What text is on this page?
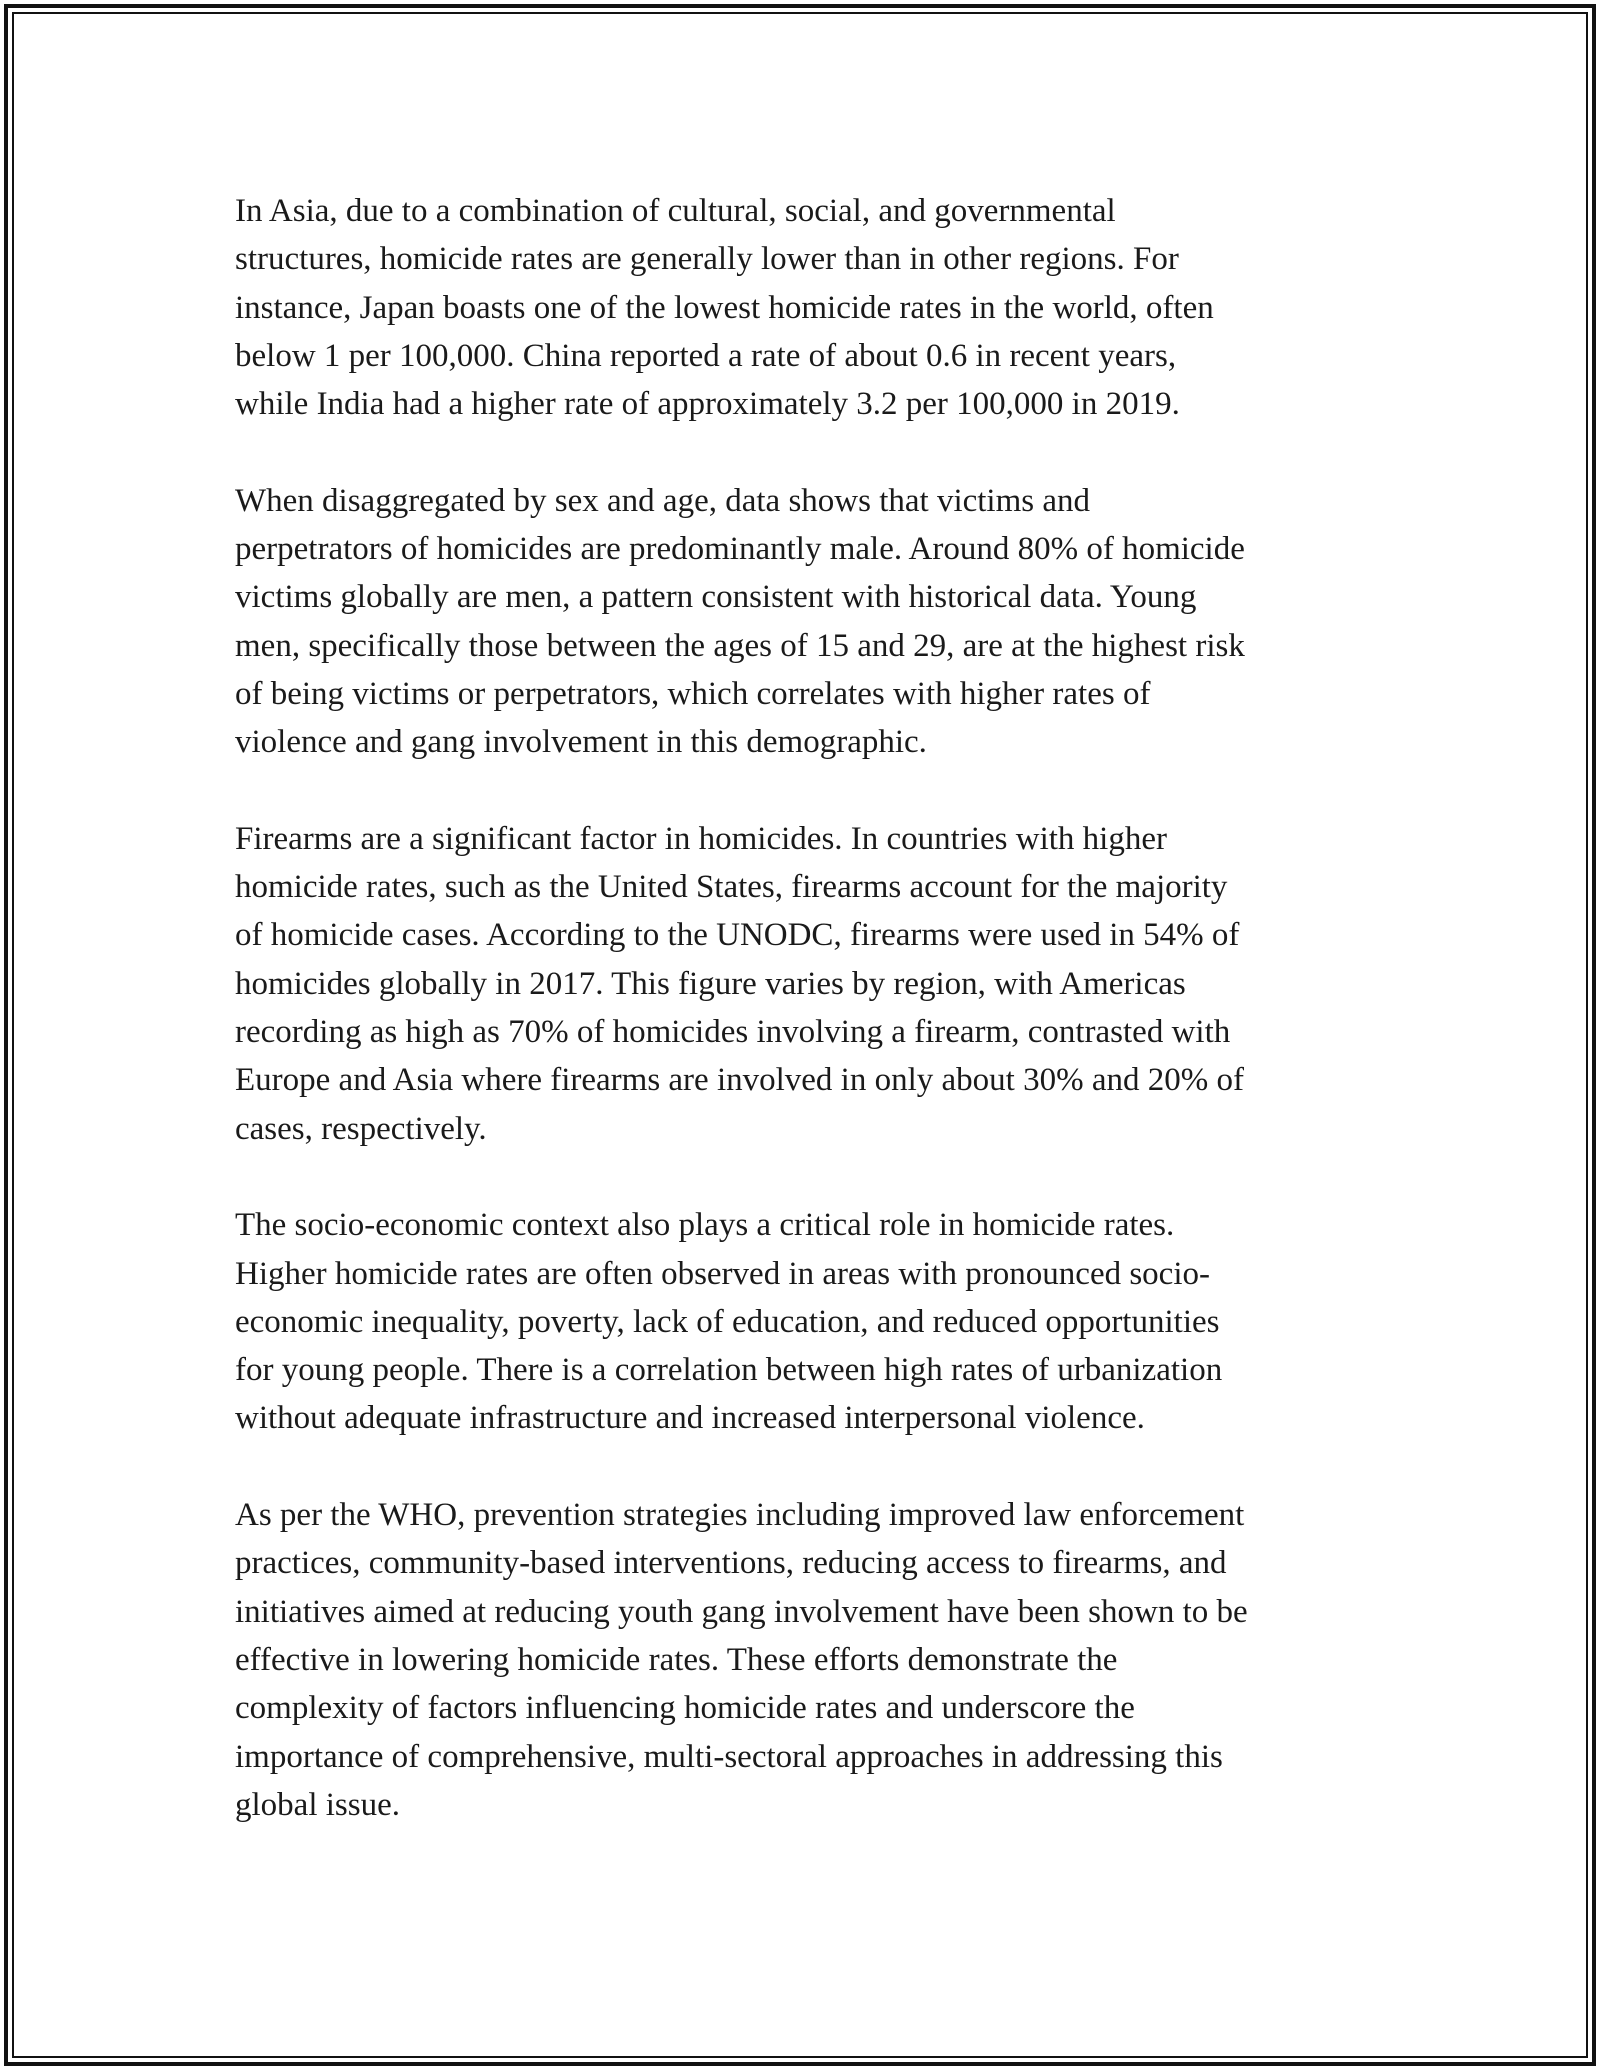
In Asia, due to a combination of cultural, social, and governmental
structures, homicide rates are generally lower than in other regions. For
instance, Japan boasts one of the lowest homicide rates in the world, often
below 1 per 100,000. China reported a rate of about 0.6 in recent years,
while India had a higher rate of approximately 3.2 per 100,000 in 2019.

When disaggregated by sex and age, data shows that victims and
perpetrators of homicides are predominantly male. Around 80% of homicide
victims globally are men, a pattern consistent with historical data. Young
men, specifically those between the ages of 15 and 29, are at the highest risk
of being victims or perpetrators, which correlates with higher rates of
violence and gang involvement in this demographic.

Firearms are a significant factor in homicides. In countries with higher
homicide rates, such as the United States, firearms account for the majority
of homicide cases. According to the UNODC, firearms were used in 54% of
homicides globally in 2017. This figure varies by region, with Americas
recording as high as 70% of homicides involving a firearm, contrasted with
Europe and Asia where firearms are involved in only about 30% and 20% of
cases, respectively.

The socio-economic context also plays a critical role in homicide rates.
Higher homicide rates are often observed in areas with pronounced socio-
economic inequality, poverty, lack of education, and reduced opportunities
for young people. There is a correlation between high rates of urbanization
without adequate infrastructure and increased interpersonal violence.

As per the WHO, prevention strategies including improved law enforcement
practices, community-based interventions, reducing access to firearms, and
initiatives aimed at reducing youth gang involvement have been shown to be
effective in lowering homicide rates. These efforts demonstrate the
complexity of factors influencing homicide rates and underscore the
importance of comprehensive, multi-sectoral approaches in addressing this
global issue.
